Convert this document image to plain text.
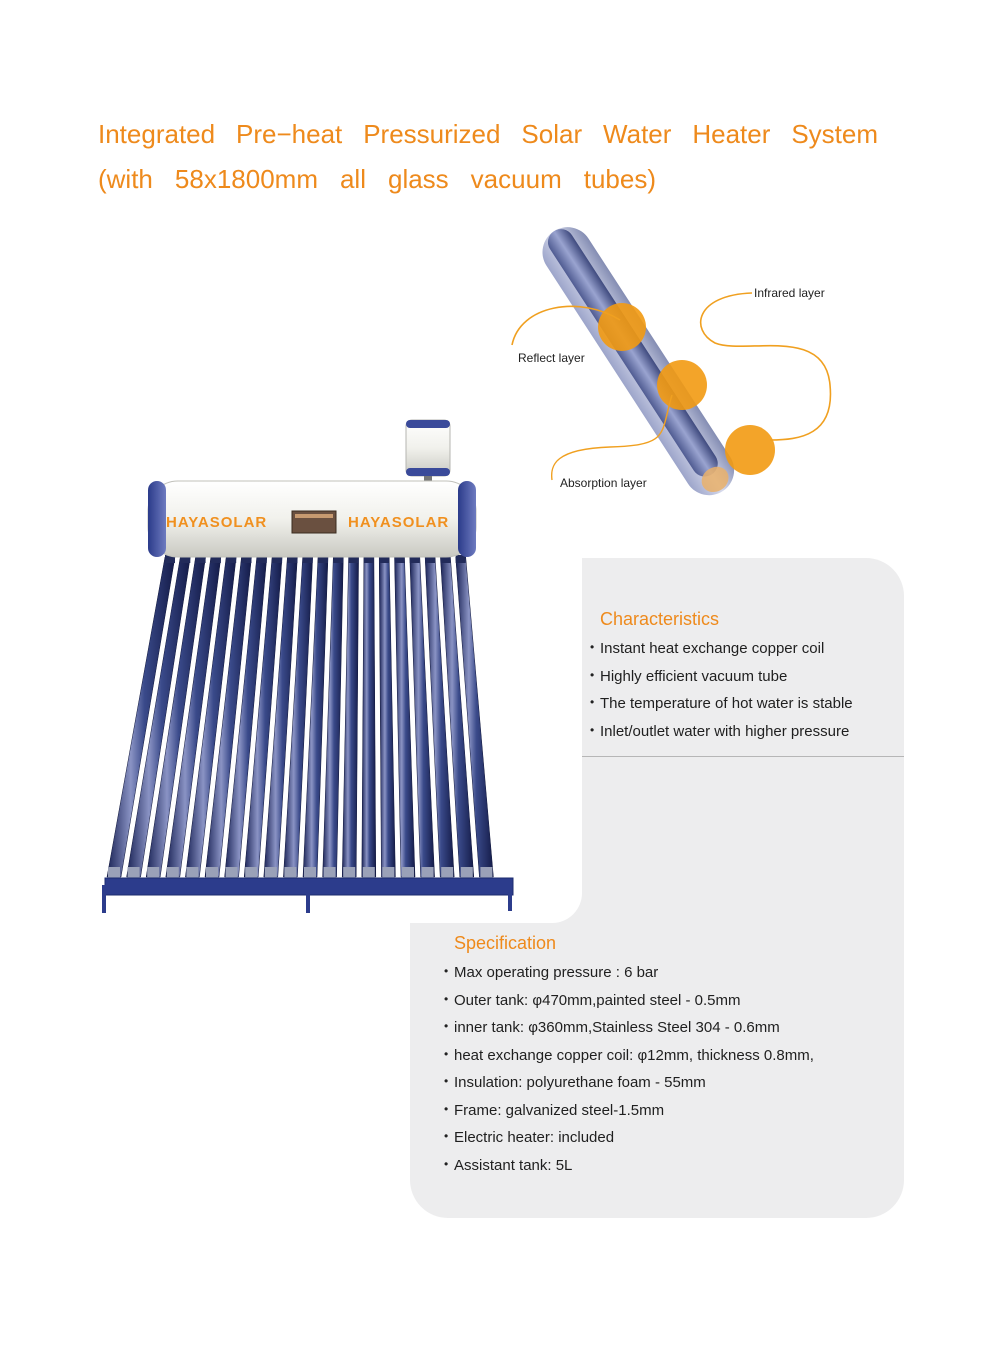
Integrated Pre−heat Pressurized Solar Water Heater System
(with 58x1800mm all glass vacuum tubes)
Infrared layer
Reflect layer
Absorption layer
HAYASOLAR	HAYASOLAR
Characteristics
• Instant heat exchange copper coil
• Highly efficient vacuum tube
• The temperature of hot water is stable
• Inlet/outlet water with higher pressure
Specification
• Max operating pressure : 6 bar
• Outer tank: φ470mm,painted steel - 0.5mm
• inner tank: φ360mm,Stainless Steel 304 - 0.6mm
• heat exchange copper coil: φ12mm, thickness 0.8mm,
• Insulation: polyurethane foam - 55mm
• Frame: galvanized steel-1.5mm
• Electric heater: included
• Assistant tank: 5L
